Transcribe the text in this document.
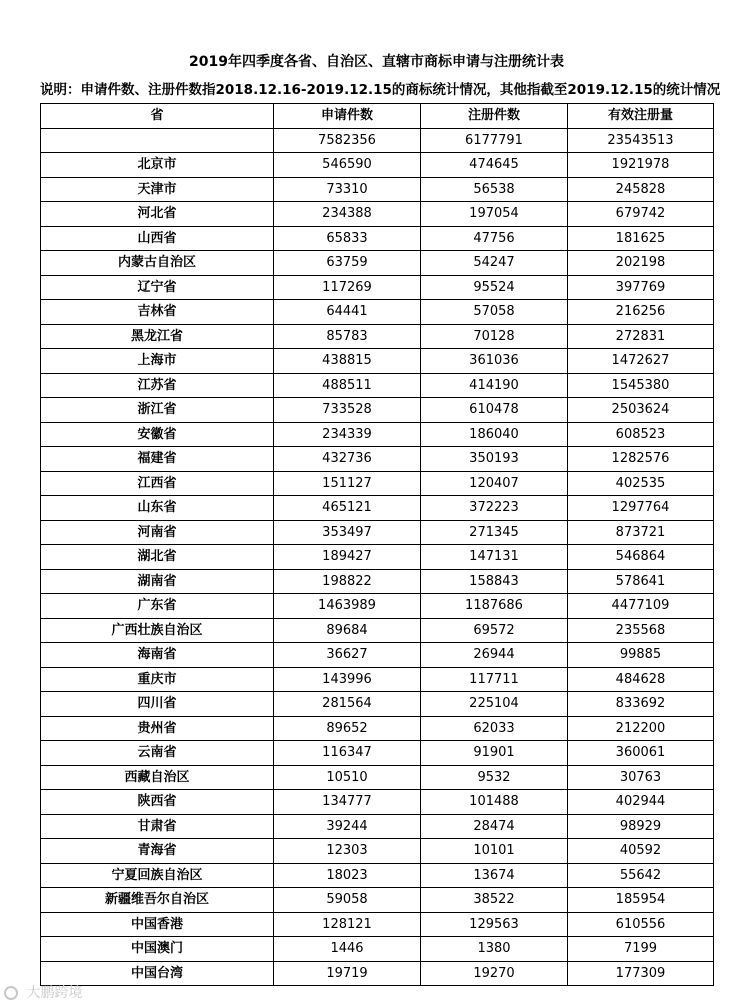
2019年四季度各省、自治区、直辖市商标申请与注册统计表
说明：申请件数、注册件数指2018.12.16-2019.12.15的商标统计情况，其他指截至2019.12.15的统计情况
省	申请件数	注册件数	有效注册量
	7582356	6177791	23543513
北京市	546590	474645	1921978
天津市	73310	56538	245828
河北省	234388	197054	679742
山西省	65833	47756	181625
内蒙古自治区	63759	54247	202198
辽宁省	117269	95524	397769
吉林省	64441	57058	216256
黑龙江省	85783	70128	272831
上海市	438815	361036	1472627
江苏省	488511	414190	1545380
浙江省	733528	610478	2503624
安徽省	234339	186040	608523
福建省	432736	350193	1282576
江西省	151127	120407	402535
山东省	465121	372223	1297764
河南省	353497	271345	873721
湖北省	189427	147131	546864
湖南省	198822	158843	578641
广东省	1463989	1187686	4477109
广西壮族自治区	89684	69572	235568
海南省	36627	26944	99885
重庆市	143996	117711	484628
四川省	281564	225104	833692
贵州省	89652	62033	212200
云南省	116347	91901	360061
西藏自治区	10510	9532	30763
陕西省	134777	101488	402944
甘肃省	39244	28474	98929
青海省	12303	10101	40592
宁夏回族自治区	18023	13674	55642
新疆维吾尔自治区	59058	38522	185954
中国香港	128121	129563	610556
中国澳门	1446	1380	7199
中国台湾	19719	19270	177309
大鹏跨境
